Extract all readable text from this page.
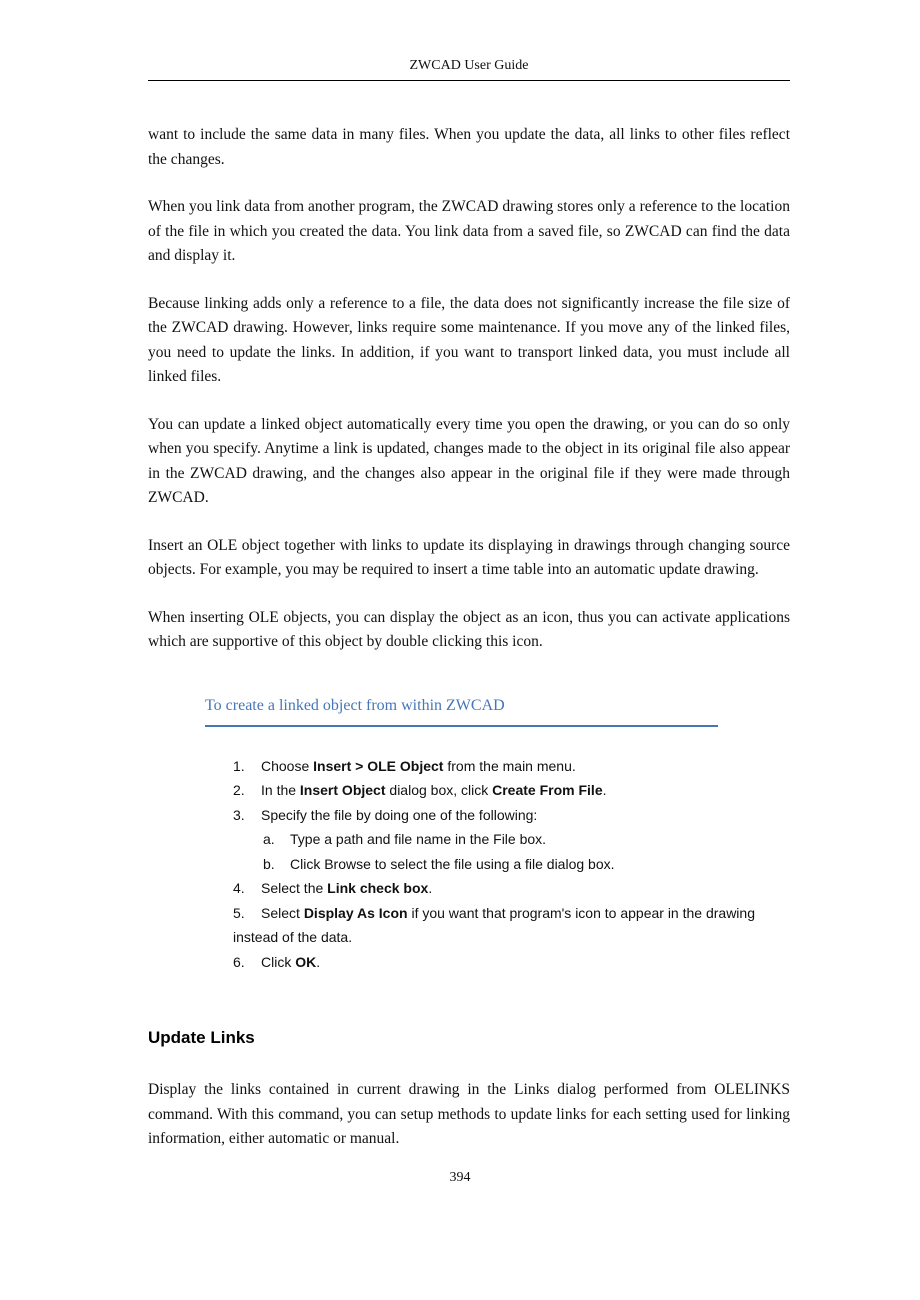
ZWCAD User Guide

want to include the same data in many files. When you update the data, all links to other files reflect the changes.

When you link data from another program, the ZWCAD drawing stores only a reference to the location of the file in which you created the data. You link data from a saved file, so ZWCAD can find the data and display it.

Because linking adds only a reference to a file, the data does not significantly increase the file size of the ZWCAD drawing. However, links require some maintenance. If you move any of the linked files, you need to update the links. In addition, if you want to transport linked data, you must include all linked files.

You can update a linked object automatically every time you open the drawing, or you can do so only when you specify. Anytime a link is updated, changes made to the object in its original file also appear in the ZWCAD drawing, and the changes also appear in the original file if they were made through ZWCAD.

Insert an OLE object together with links to update its displaying in drawings through changing source objects. For example, you may be required to insert a time table into an automatic update drawing.

When inserting OLE objects, you can display the object as an icon, thus you can activate applications which are supportive of this object by double clicking this icon.

To create a linked object from within ZWCAD
1. Choose Insert > OLE Object from the main menu.
2. In the Insert Object dialog box, click Create From File.
3. Specify the file by doing one of the following:
a. Type a path and file name in the File box.
b. Click Browse to select the file using a file dialog box.
4. Select the Link check box.
5. Select Display As Icon if you want that program's icon to appear in the drawing instead of the data.
6. Click OK.
Update Links

Display the links contained in current drawing in the Links dialog performed from OLELINKS command. With this command, you can setup methods to update links for each setting used for linking information, either automatic or manual.

394
